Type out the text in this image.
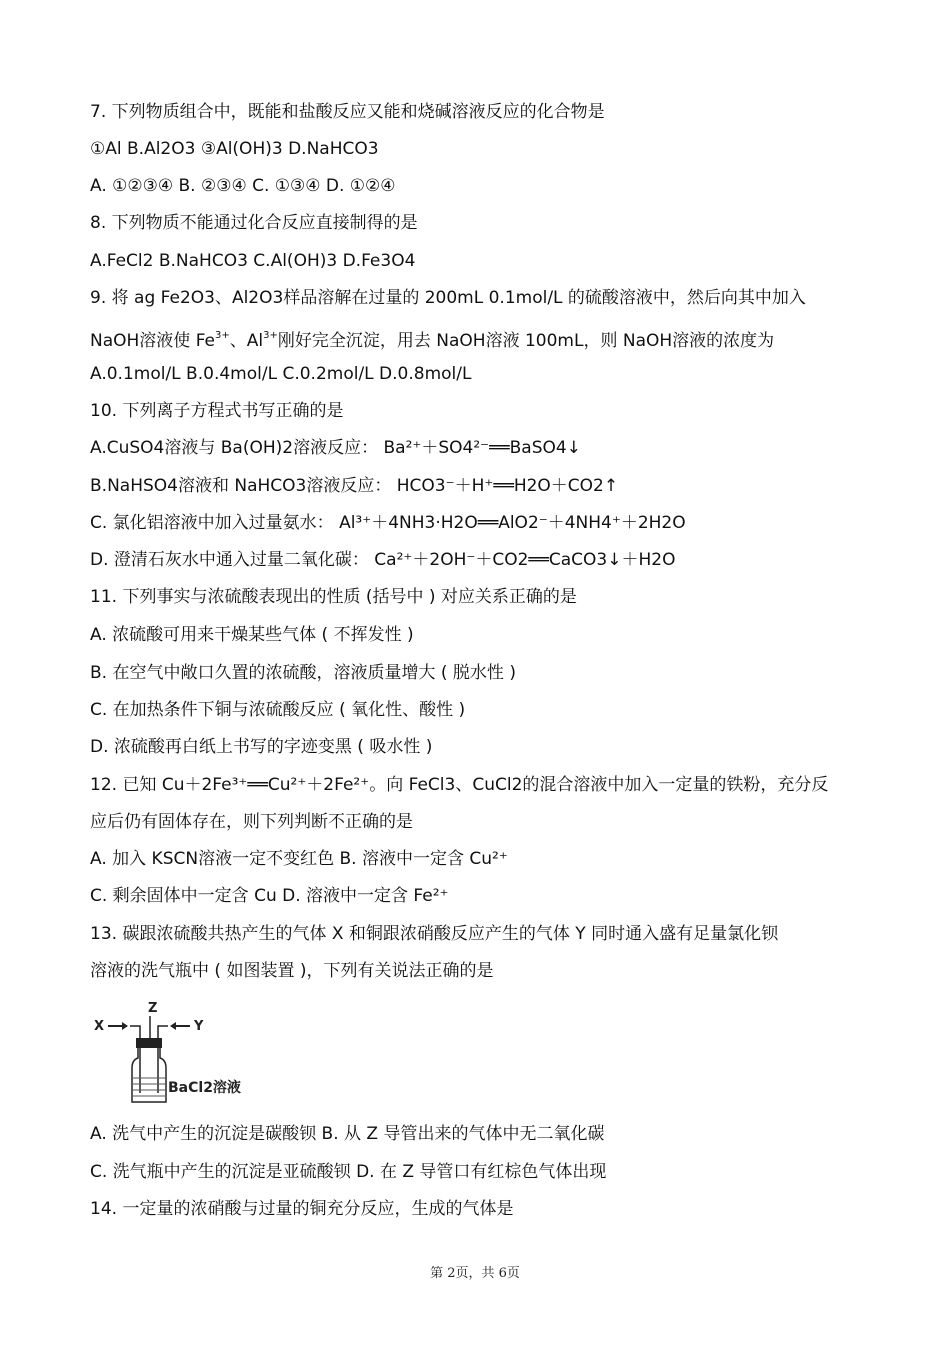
7. 下列物质组合中，既能和盐酸反应又能和烧碱溶液反应的化合物是
①Al B.Al2O3 ③Al(OH)3 D.NaHCO3
A. ①②③④ B. ②③④ C. ①③④ D. ①②④
8. 下列物质不能通过化合反应直接制得的是
A.FeCl2 B.NaHCO3 C.Al(OH)3 D.Fe3O4
9. 将 ag Fe2O3、Al2O3样品溶解在过量的 200mL 0.1mol/L 的硫酸溶液中，然后向其中加入
NaOH溶液使 $Fe^{3+}$、$Al^{3+}$刚好完全沉淀，用去 NaOH溶液 100mL，则 NaOH溶液的浓度为
A.0.1mol/L B.0.4mol/L C.0.2mol/L D.0.8mol/L
10. 下列离子方程式书写正确的是
A.CuSO4溶液与 Ba(OH)2溶液反应： Ba²⁺＋SO4²⁻══BaSO4↓
B.NaHSO4溶液和 NaHCO3溶液反应： HCO3⁻＋H⁺══H2O＋CO2↑
C. 氯化铝溶液中加入过量氨水： Al³⁺＋4NH3·H2O══AlO2⁻＋4NH4⁺＋2H2O
D. 澄清石灰水中通入过量二氧化碳： Ca²⁺＋2OH⁻＋CO2══CaCO3↓＋H2O
11. 下列事实与浓硫酸表现出的性质 (括号中 ) 对应关系正确的是
A. 浓硫酸可用来干燥某些气体 ( 不挥发性 )
B. 在空气中敞口久置的浓硫酸，溶液质量增大 ( 脱水性 )
C. 在加热条件下铜与浓硫酸反应 ( 氧化性、酸性 )
D. 浓硫酸再白纸上书写的字迹变黑 ( 吸水性 )
12. 已知 Cu＋2Fe³⁺══Cu²⁺＋2Fe²⁺。向 FeCl3、CuCl2的混合溶液中加入一定量的铁粉，充分反
应后仍有固体存在，则下列判断不正确的是
A. 加入 KSCN溶液一定不变红色 B. 溶液中一定含 Cu²⁺
C. 剩余固体中一定含 Cu D. 溶液中一定含 Fe²⁺
13. 碳跟浓硫酸共热产生的气体 X 和铜跟浓硝酸反应产生的气体 Y 同时通入盛有足量氯化钡
溶液的洗气瓶中 ( 如图装置 )，下列有关说法正确的是
X
Z
Y
BaCl2溶液
A. 洗气中产生的沉淀是碳酸钡 B. 从 Z 导管出来的气体中无二氧化碳
C. 洗气瓶中产生的沉淀是亚硫酸钡 D. 在 Z 导管口有红棕色气体出现
14. 一定量的浓硝酸与过量的铜充分反应，生成的气体是
第 2页，共 6页
